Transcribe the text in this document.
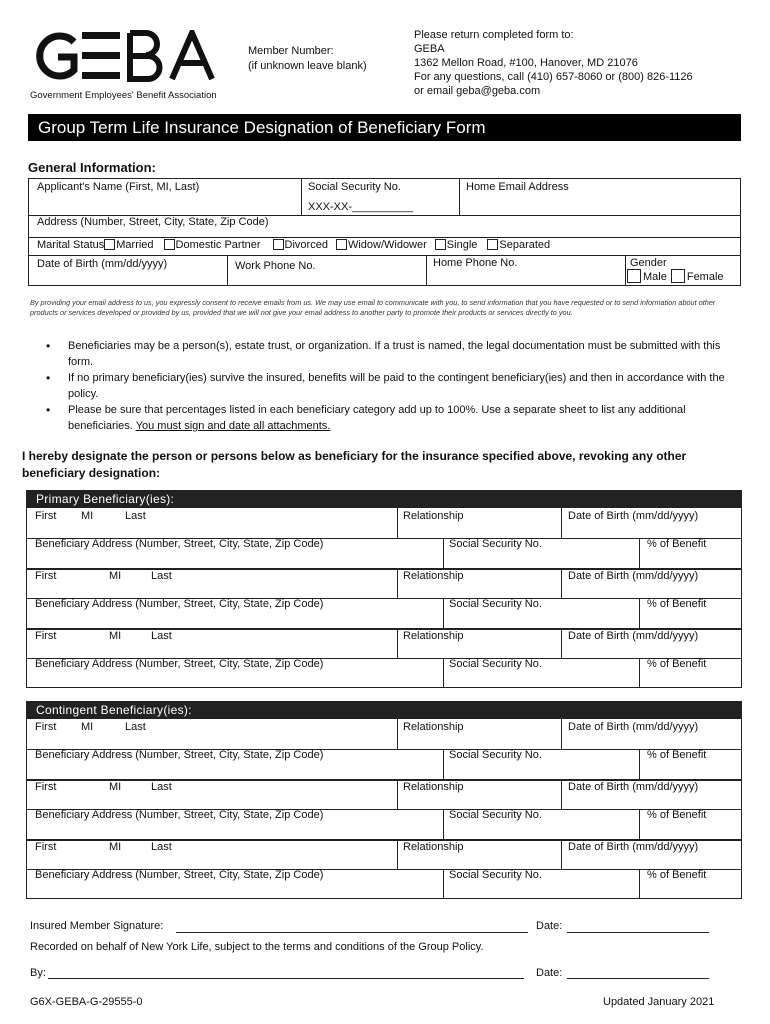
Government Employees' Benefit Association
Member Number:
(if unknown leave blank)
Please return completed form to:
GEBA
1362 Mellon Road, #100, Hanover, MD 21076
For any questions, call (410) 657-8060 or (800) 826-1126
or email geba@geba.com
Group Term Life Insurance Designation of Beneficiary Form
General Information:
Applicant's Name (First, MI, Last)	Social Security No.
XXX-XX-__________
Home Email Address
Address (Number, Street, City, State, Zip Code)
Marital Status Married Domestic Partner Divorced Widow/Widower Single Separated
Date of Birth (mm/dd/yyyy)	Work Phone No.	Home Phone No.	Gender
Male Female
By providing your email address to us, you expressly consent to receive emails from us. We may use email to communicate with you, to send information that you have requested or to send information about other products or services developed or provided by us, provided that we will not give your email address to another party to promote their products or services directly to you.
• Beneficiaries may be a person(s), estate trust, or organization. If a trust is named, the legal documentation must be submitted with this form.
• If no primary beneficiary(ies) survive the insured, benefits will be paid to the contingent beneficiary(ies) and then in accordance with the policy.
• Please be sure that percentages listed in each beneficiary category add up to 100%. Use a separate sheet to list any additional beneficiaries. You must sign and date all attachments.
I hereby designate the person or persons below as beneficiary for the insurance specified above, revoking any other beneficiary designation:
Primary Beneficiary(ies):
First MI	Last	Relationship	Date of Birth (mm/dd/yyyy)
Beneficiary Address (Number, Street, City, State, Zip Code)	Social Security No.	% of Benefit
First	MI	Last	Relationship	Date of Birth (mm/dd/yyyy)
Beneficiary Address (Number, Street, City, State, Zip Code)	Social Security No.	% of Benefit
First	MI	Last	Relationship	Date of Birth (mm/dd/yyyy)
Beneficiary Address (Number, Street, City, State, Zip Code)	Social Security No.	% of Benefit
Contingent Beneficiary(ies):
First MI	Last	Relationship	Date of Birth (mm/dd/yyyy)
Beneficiary Address (Number, Street, City, State, Zip Code)	Social Security No.	% of Benefit
First	MI	Last	Relationship	Date of Birth (mm/dd/yyyy)
Beneficiary Address (Number, Street, City, State, Zip Code)	Social Security No.	% of Benefit
First	MI	Last	Relationship	Date of Birth (mm/dd/yyyy)
Beneficiary Address (Number, Street, City, State, Zip Code)	Social Security No.	% of Benefit
Insured Member Signature:	Date:
Recorded on behalf of New York Life, subject to the terms and conditions of the Group Policy.
By:	Date:
G6X-GEBA-G-29555-0	Updated January 2021
